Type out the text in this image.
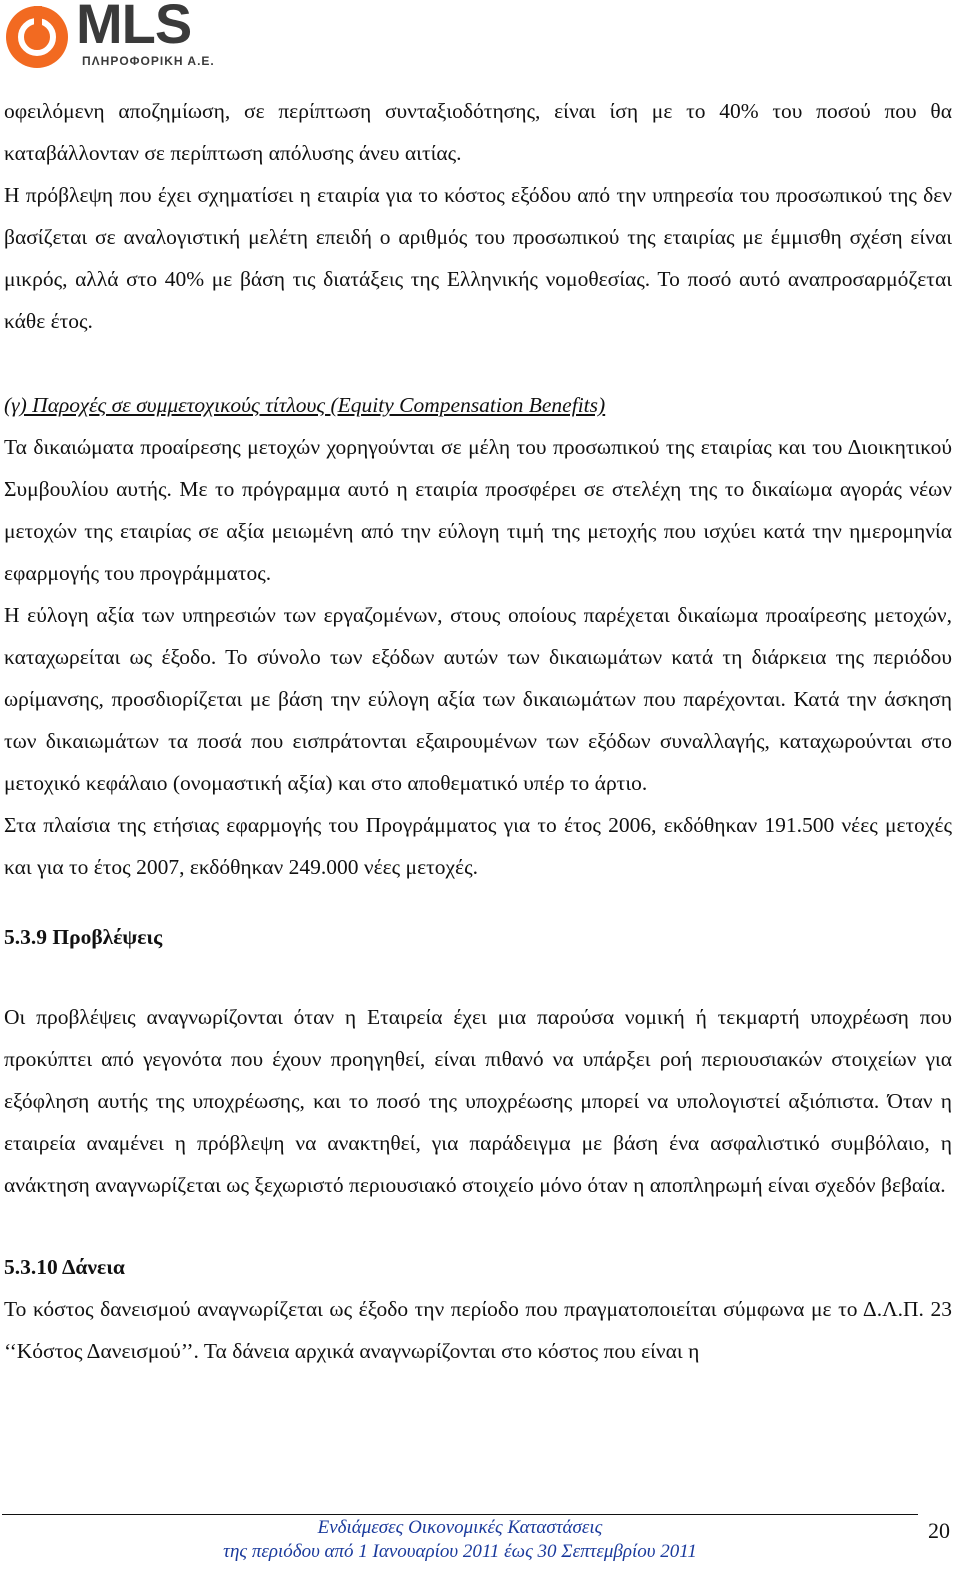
MLS
ΠΛΗΡΟΦΟΡΙΚΗ Α.Ε.

οφειλόμενη αποζημίωση, σε περίπτωση συνταξιοδότησης, είναι ίση με το 40% του ποσού που θα καταβάλλονταν σε περίπτωση απόλυσης άνευ αιτίας.

Η πρόβλεψη που έχει σχηματίσει η εταιρία για το κόστος εξόδου από την υπηρεσία του προσωπικού της δεν βασίζεται σε αναλογιστική μελέτη επειδή ο αριθμός του προσωπικού της εταιρίας με έμμισθη σχέση είναι μικρός, αλλά στο 40% με βάση τις διατάξεις της Ελληνικής νομοθεσίας. Το ποσό αυτό αναπροσαρμόζεται κάθε έτος.

(γ) Παροχές σε συμμετοχικούς τίτλους (Equity Compensation Benefits)

Τα δικαιώματα προαίρεσης μετοχών χορηγούνται σε μέλη του προσωπικού της εταιρίας και του Διοικητικού Συμβουλίου αυτής. Με το πρόγραμμα αυτό η εταιρία προσφέρει σε στελέχη της το δικαίωμα αγοράς νέων μετοχών της εταιρίας σε αξία μειωμένη από την εύλογη τιμή της μετοχής που ισχύει κατά την ημερομηνία εφαρμογής του προγράμματος.

Η εύλογη αξία των υπηρεσιών των εργαζομένων, στους οποίους παρέχεται δικαίωμα προαίρεσης μετοχών, καταχωρείται ως έξοδο. Το σύνολο των εξόδων αυτών των δικαιωμάτων κατά τη διάρκεια της περιόδου ωρίμανσης, προσδιορίζεται με βάση την εύλογη αξία των δικαιωμάτων που παρέχονται. Κατά την άσκηση των δικαιωμάτων τα ποσά που εισπράτονται εξαιρουμένων των εξόδων συναλλαγής, καταχωρούνται στο μετοχικό κεφάλαιο (ονομαστική αξία) και στο αποθεματικό υπέρ το άρτιο.

Στα πλαίσια της ετήσιας εφαρμογής του Προγράμματος για το έτος 2006, εκδόθηκαν 191.500 νέες μετοχές και για το έτος 2007, εκδόθηκαν 249.000 νέες μετοχές.

5.3.9 Προβλέψεις

Οι προβλέψεις αναγνωρίζονται όταν η Εταιρεία έχει μια παρούσα νομική ή τεκμαρτή υποχρέωση που προκύπτει από γεγονότα που έχουν προηγηθεί, είναι πιθανό να υπάρξει ροή περιουσιακών στοιχείων για εξόφληση αυτής της υποχρέωσης, και το ποσό της υποχρέωσης μπορεί να υπολογιστεί αξιόπιστα. Όταν η εταιρεία αναμένει η πρόβλεψη να ανακτηθεί, για παράδειγμα με βάση ένα ασφαλιστικό συμβόλαιο, η ανάκτηση αναγνωρίζεται ως ξεχωριστό περιουσιακό στοιχείο μόνο όταν η αποπληρωμή είναι σχεδόν βεβαία.

5.3.10 Δάνεια

Το κόστος δανεισμού αναγνωρίζεται ως έξοδο την περίοδο που πραγματοποιείται σύμφωνα με το Δ.Λ.Π. 23 ‘‘Κόστος Δανεισμού’’. Τα δάνεια αρχικά αναγνωρίζονται στο κόστος που είναι η

Ενδιάμεσες Οικονομικές Καταστάσεις
της περιόδου από 1 Ιανουαρίου 2011 έως 30 Σεπτεμβρίου 2011
20
